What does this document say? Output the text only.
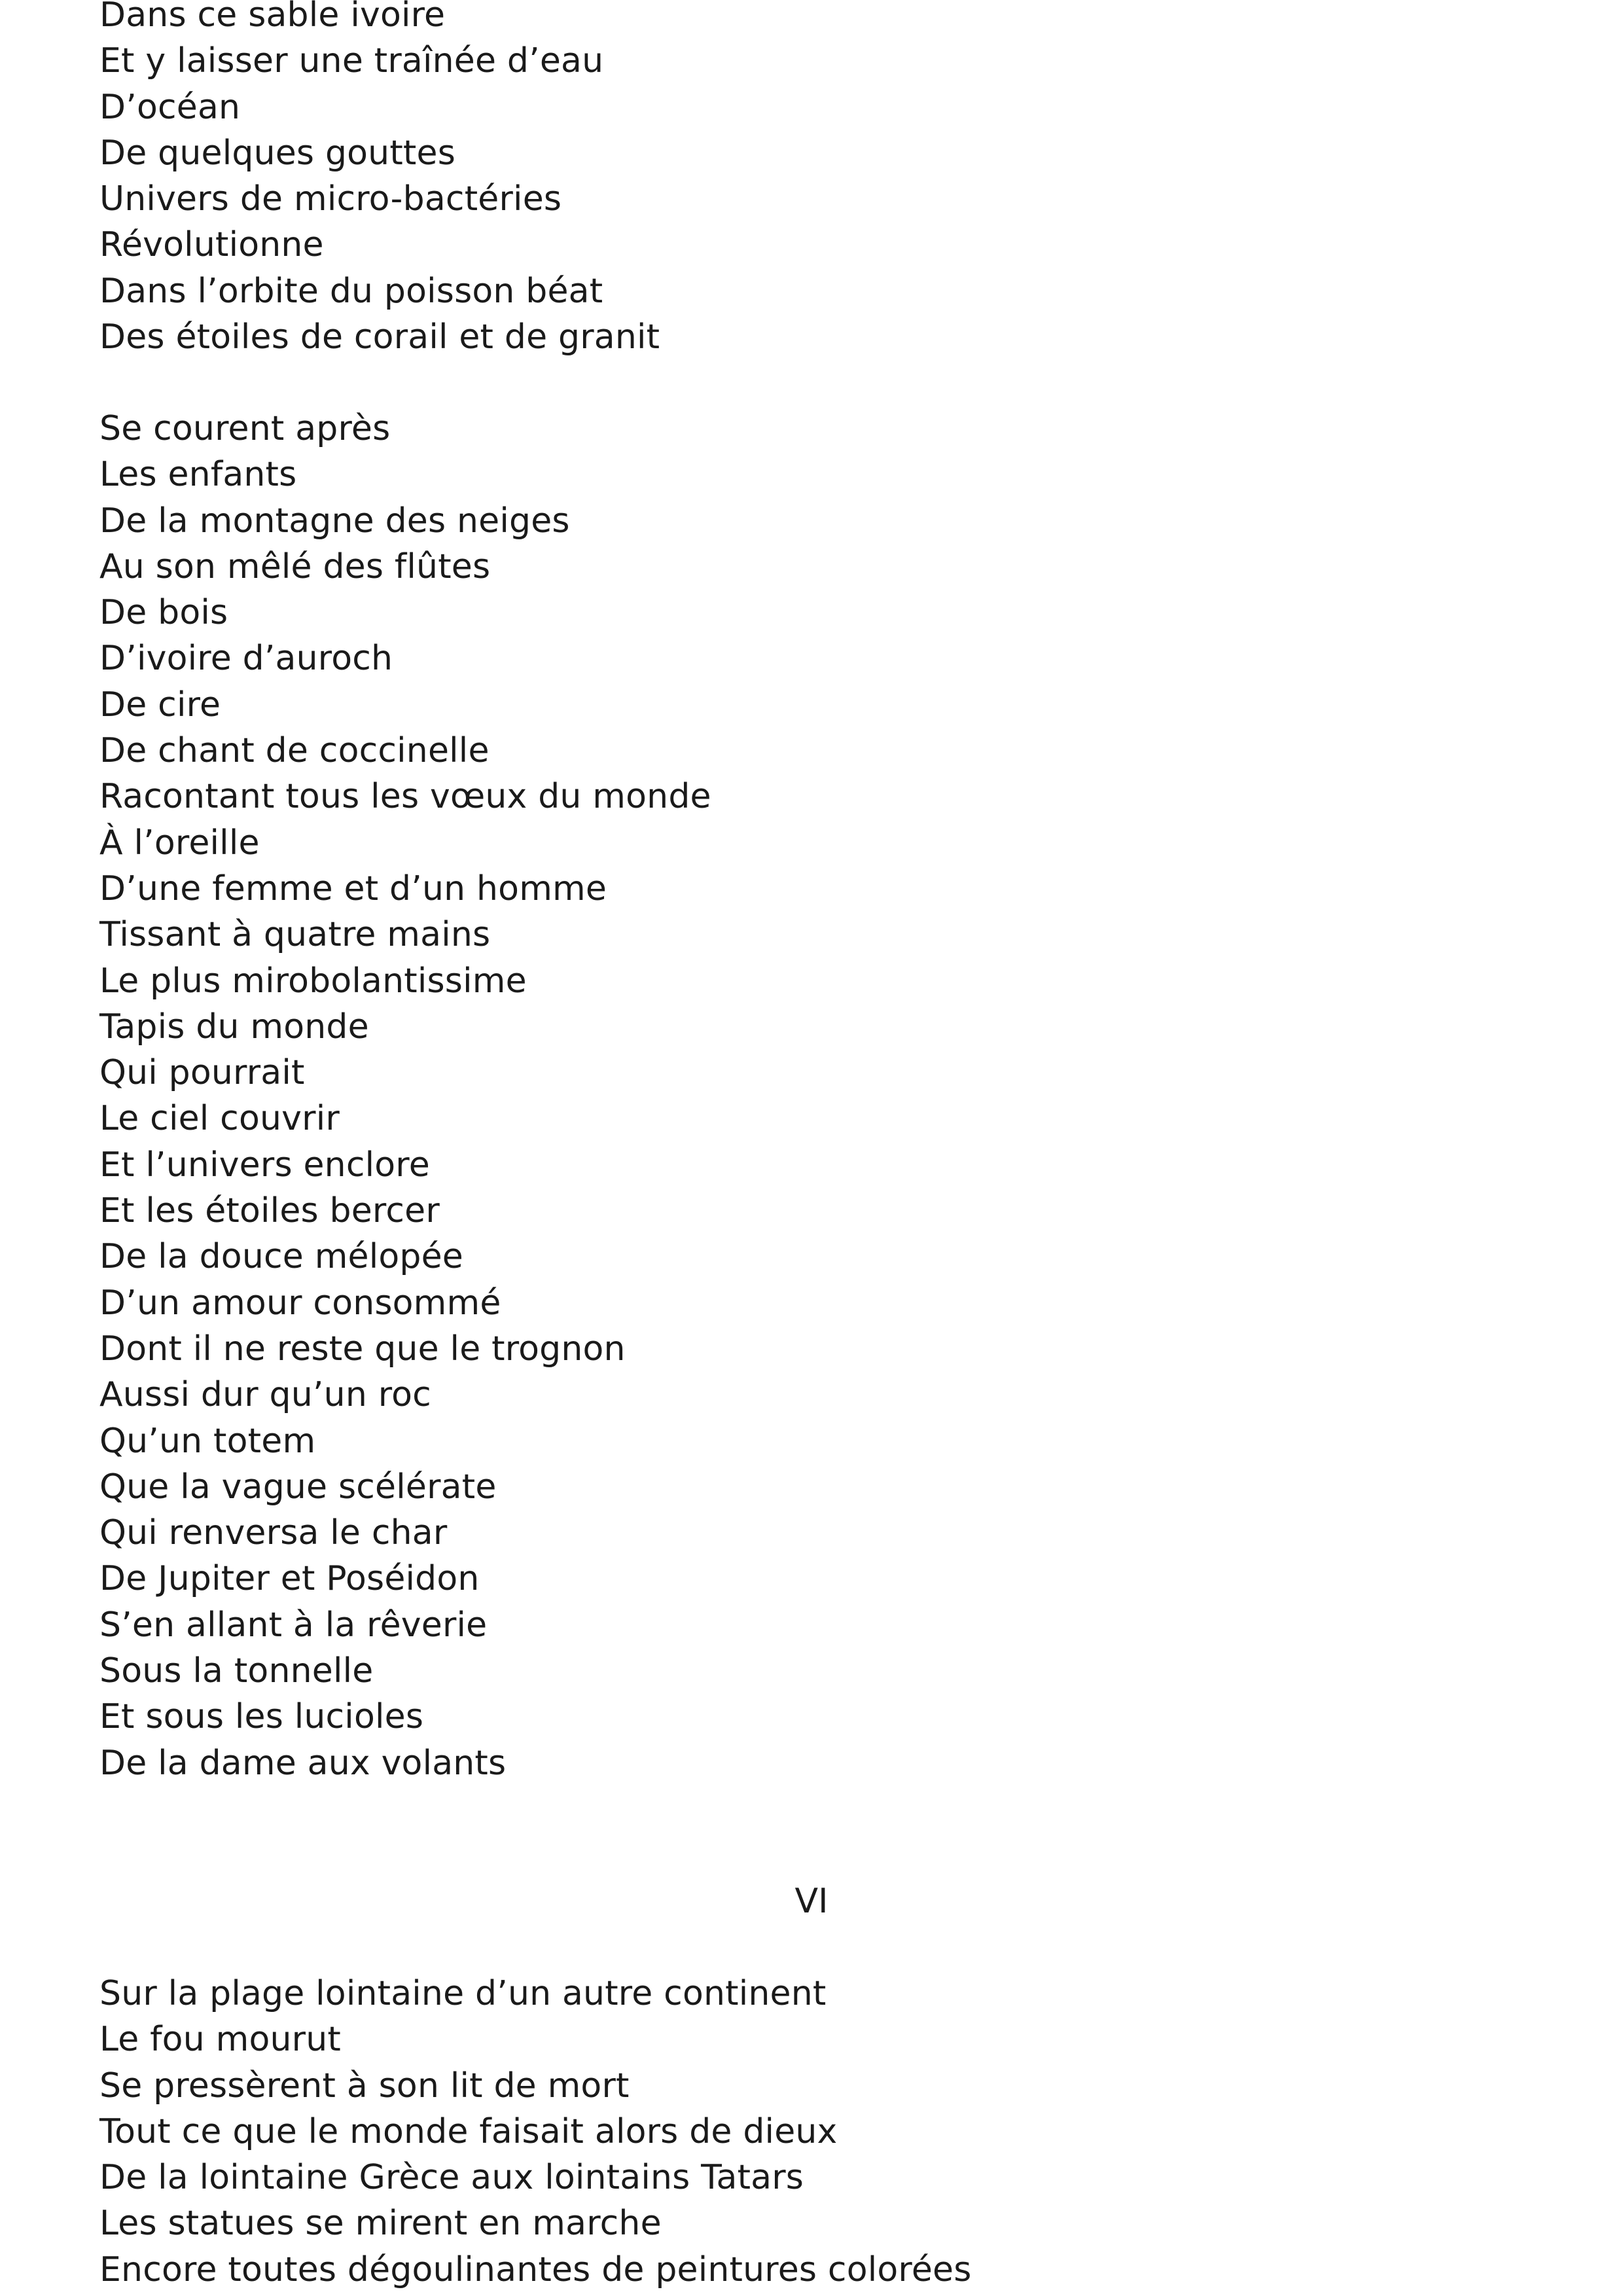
Dans ce sable ivoire
Et y laisser une traînée d’eau
D’océan
De quelques gouttes
Univers de micro-bactéries
Révolutionne
Dans l’orbite du poisson béat
Des étoiles de corail et de granit
Se courent après
Les enfants
De la montagne des neiges
Au son mêlé des flûtes
De bois
D’ivoire d’auroch
De cire
De chant de coccinelle
Racontant tous les vœux du monde
À l’oreille
D’une femme et d’un homme
Tissant à quatre mains
Le plus mirobolantissime
Tapis du monde
Qui pourrait
Le ciel couvrir
Et l’univers enclore
Et les étoiles bercer
De la douce mélopée
D’un amour consommé
Dont il ne reste que le trognon
Aussi dur qu’un roc
Qu’un totem
Que la vague scélérate
Qui renversa le char
De Jupiter et Poséidon
S’en allant à la rêverie
Sous la tonnelle
Et sous les lucioles
De la dame aux volants

VI

Sur la plage lointaine d’un autre continent
Le fou mourut
Se pressèrent à son lit de mort
Tout ce que le monde faisait alors de dieux
De la lointaine Grèce aux lointains Tatars
Les statues se mirent en marche
Encore toutes dégoulinantes de peintures colorées
